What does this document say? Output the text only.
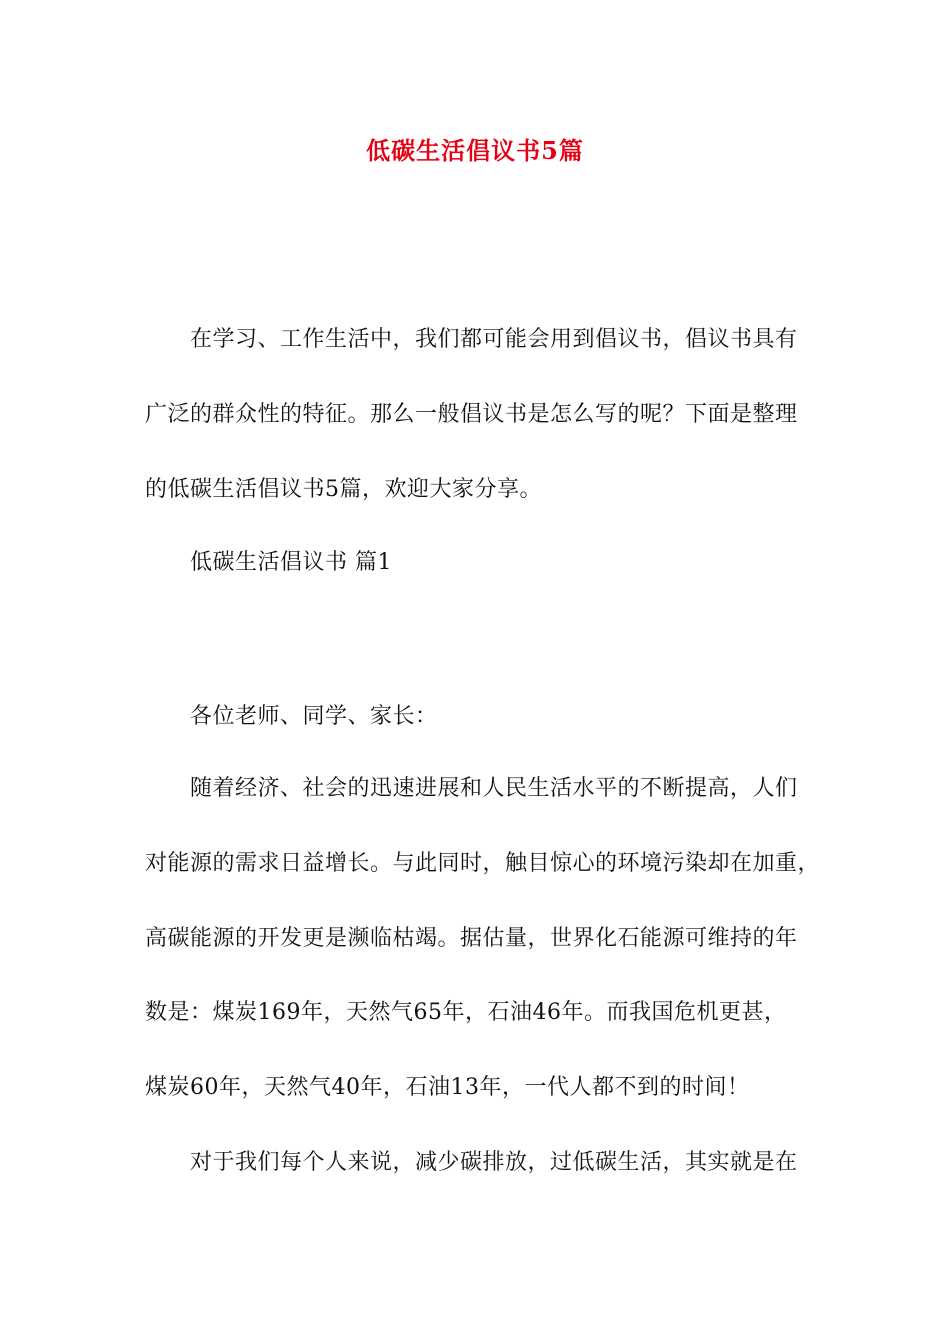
低碳生活倡议书5篇
在学习、工作生活中，我们都可能会用到倡议书，倡议书具有
广泛的群众性的特征。那么一般倡议书是怎么写的呢？下面是整理
的低碳生活倡议书5篇，欢迎大家分享。
低碳生活倡议书 篇1
各位老师、同学、家长：
随着经济、社会的迅速进展和人民生活水平的不断提高，人们
对能源的需求日益增长。与此同时，触目惊心的环境污染却在加重，
高碳能源的开发更是濒临枯竭。据估量，世界化石能源可维持的年
数是：煤炭169年，天然气65年，石油46年。而我国危机更甚，
煤炭60年，天然气40年，石油13年，一代人都不到的时间！
对于我们每个人来说，减少碳排放，过低碳生活，其实就是在
